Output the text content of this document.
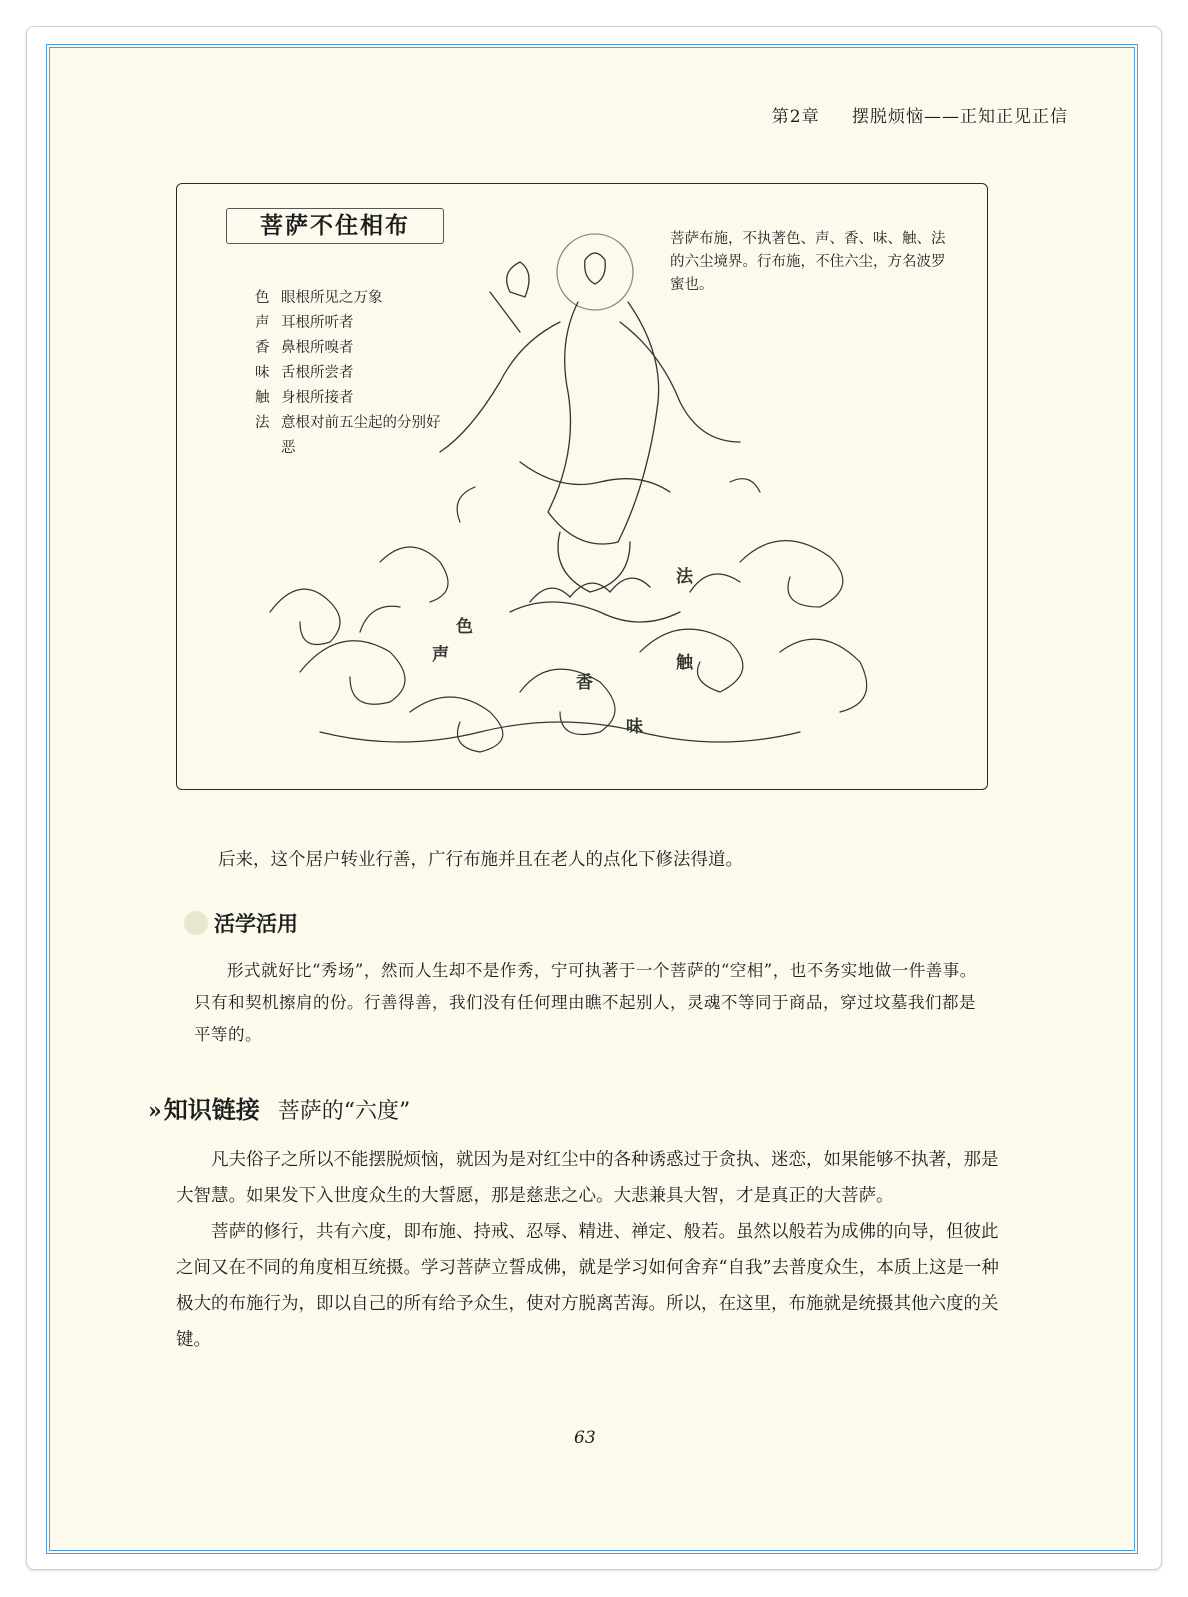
第2章 摆脱烦恼——正知正见正信
菩萨不住相布	菩萨布施，不执著色、声、香、味、触、法的六尘境界。行布施，不住六尘，方名波罗蜜也。
色 眼根所见之万象
声 耳根所听者
香 鼻根所嗅者
味 舌根所尝者
触 身根所接者
法 意根对前五尘起的分别好恶
色
声
香
味
触
法
后来，这个居户转业行善，广行布施并且在老人的点化下修法得道。
活学活用
形式就好比“秀场”，然而人生却不是作秀，宁可执著于一个菩萨的“空相”，也不务实地做一件善事。只有和契机擦肩的份。行善得善，我们没有任何理由瞧不起别人，灵魂不等同于商品，穿过坟墓我们都是平等的。
»知识链接 菩萨的“六度”

凡夫俗子之所以不能摆脱烦恼，就因为是对红尘中的各种诱惑过于贪执、迷恋，如果能够不执著，那是大智慧。如果发下入世度众生的大誓愿，那是慈悲之心。大悲兼具大智，才是真正的大菩萨。

菩萨的修行，共有六度，即布施、持戒、忍辱、精进、禅定、般若。虽然以般若为成佛的向导，但彼此之间又在不同的角度相互统摄。学习菩萨立誓成佛，就是学习如何舍弃“自我”去普度众生，本质上这是一种极大的布施行为，即以自己的所有给予众生，使对方脱离苦海。所以，在这里，布施就是统摄其他六度的关键。

63
